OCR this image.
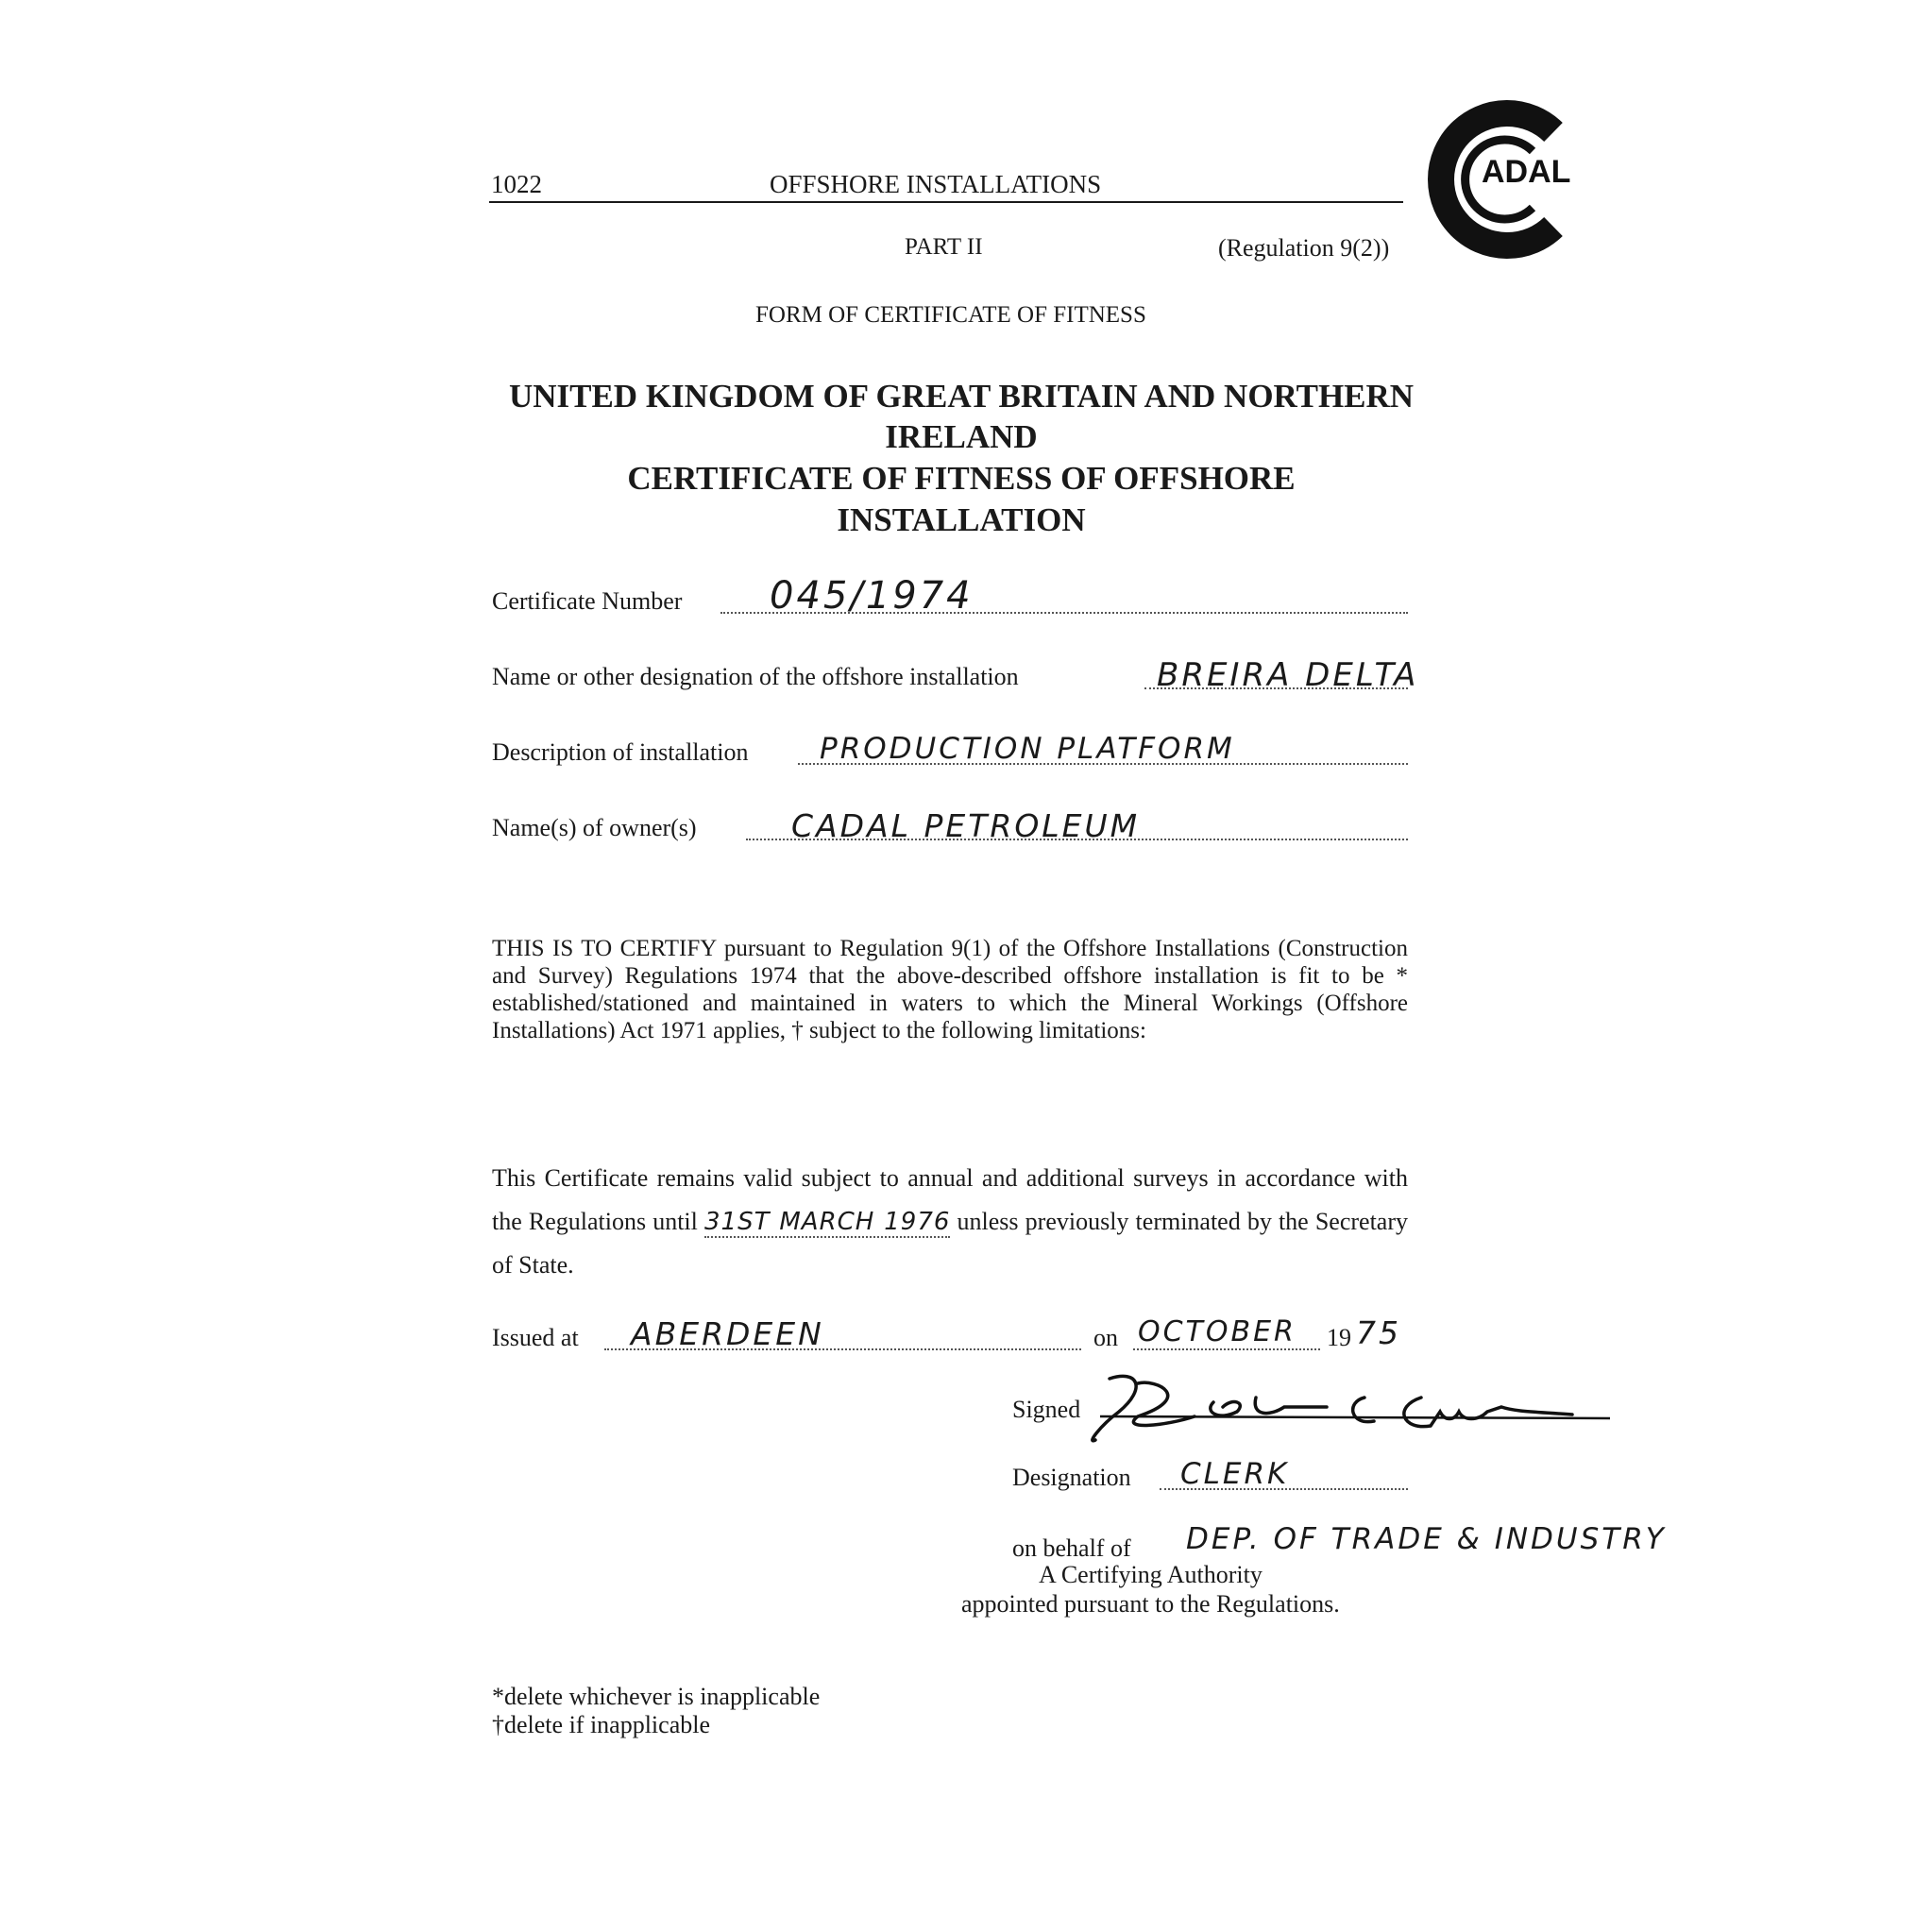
1022	OFFSHORE INSTALLATIONS	ADAL
PART II	(Regulation 9(2))
FORM OF CERTIFICATE OF FITNESS
UNITED KINGDOM OF GREAT BRITAIN AND NORTHERN
IRELAND
CERTIFICATE OF FITNESS OF OFFSHORE
INSTALLATION
Certificate Number 045/1974
Name or other designation of the offshore installation	BREIRA DELTA
Description of installation PRODUCTION PLATFORM
Name(s) of owner(s)	CADAL PETROLEUM
THIS IS TO CERTIFY pursuant to Regulation 9(1) of the Offshore Installations (Construction and Survey) Regulations 1974 that the above-described offshore installation is fit to be * established/stationed and maintained in waters to which the Mineral Workings (Offshore Installations) Act 1971 applies, † subject to the following limitations:
This Certificate remains valid subject to annual and additional surveys in accordance with the Regulations until 31ST MARCH 1976 unless previously terminated by the Secretary of State.
Issued at ABERDEEN	on OCTOBER 19 75
Signed
Designation CLERK
on behalf of DEP. OF TRADE & INDUSTRY
A Certifying Authority
appointed pursuant to the Regulations.
*delete whichever is inapplicable
†delete if inapplicable
